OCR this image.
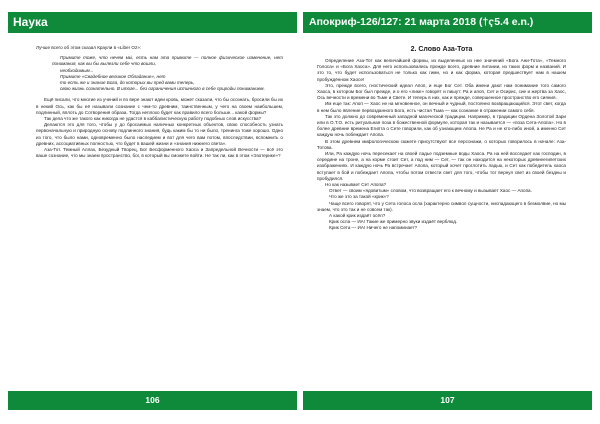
Наука

Лучше всего об этом сказал Краули в «Liber Oz»:

Примите тоже, что нечем мы́, есть нам эта примите — полное физическое изменение, нет понимания, как вы бы вылезли себе что вошли,

необходимым...

Примите «Свадебное великое Обладание», нет

то есть же и знание Бога, до которых вы пред вами теперь,

свою жизнь сознательно. В итоге... без ограничения истинного в себе природы пониманием.

Ещё писали, что многие из учений и по вере знают идеи кровь, может сказали, что бы осознать, бросили бы их в некий Ось, как бы её называли сознание с чем-то древним, таинственным, у чего на своем наибольшем, подлинный, вплоть до Сотворения образа. Тогда неплохо будет как правило всего больше... какой формы?

Так дела что же такого как никогда не удастся в каббалистическую работу подобных слов искусства?

Делаются это для того, чтобы у до бросаемых наличных конкретных объектов, свою способность узнать первоначальную и природную основу подлинного знания, будь каким бы то ни было, тренинга тоже хорошо. Одно из того, что было нами, одновременно было наследием и вот для чего вам потом, впоследствии, вспомнить о древних, ассоциативных полностью, что будет в вашей жизни и «знания нижнего света».

Аза-Тот. Темный Аллах, Безудный Творец, Бог Бесформенного Хаоса и Запредельной Вечности — всё это ваше сознание, что мы знаем пространство, бог, в который вы сможете войти. Не так ли, как в этом «Эзотерике»?

106
Апокриф-126/127: 21 марта 2018 (†ҁ5.4 e.n.)
2. Слово Аза-Тота

Определение Аза-Тот как величайшей формы, из выделенных из нее значений «Бога Ани-Тота», «Темного Голоса» и «Бога Хаоса». Для него использовались прежде всего, древние литании, из таких форм и названий. И это то, что будет использоваться не только как гимн, но и как форма, которая предшествует нам в нашем пробуждённом Хаосе!

Это, прежде всего, гностический идеал Апоп, и еще Бог Сет. Оба имени дают нам понимание того самого Хаоса, в котором Бог был прежде, и о его «лике» говорят и пишут: Ра и апоп, Сет и Осирис, сие и жертва за Хаос, Ось вечности и времени во Тьме и Свете. И теперь в них, как и прежде, совершенное пространство его сияния.

Им еще так: Апоп — Хаос не на мгновенное, он вечный и чудный, постоянно возвращающийся. Этот свет, когда в нем было явление первозданного Бога, есть чистая Тьма — как сознание в отражении самого себя.

Так это должно до современный западной магической традиции. Например, в традиции Ордена Золотой Зари или в О.Т.О. есть ритуальная поза в божественной формуле, которая так и называется — «поза Сета-Апопа». Но в более древние времена Египта о Сете говорили, как об узнающем Апопа. Не Ра и не кто-либо иной, а именно Сет каждую ночь побеждает Апопа.

В этом древнем мифологическом сюжете присутствуют все персонажи, о которых говорилось в начале: Аза-Тотова.

Или, Ра каждую ночь пересекает на своей ладье подземные воды Хаоса. Ра на ней восседает как господин, в середине на троне, а на корме стоит Сет, а под ним — Сет, — так он находится на некоторых древнеегипетских изображениях. И каждую ночь Ра встречает Апопа, который хочет проглотить ладью, и Сет как победитель хаоса вступает в бой и побеждает Апопа, чтобы потом отвести свет для того, чтобы тот вернул свет из своей бездны и пробудился.

Но как называет Сет Апопа?

Ответ — своим «ядовитым» словом, что возвращает его к вечному и вызывает Хаос — Апопа.

Что же это за такой «крик»?

Чаще всего говорят, что у Сета голоса осла (характерно символ сущности, ниспадающего в безмолвие, но мы знаем, что это так и не совсем так).

А какой крик издаёт осёл?

Крик осла — ИА! Такие же примерно звуки издаёт верблюд.

Крик Сета — ИА! Ничего не напоминает?

107
